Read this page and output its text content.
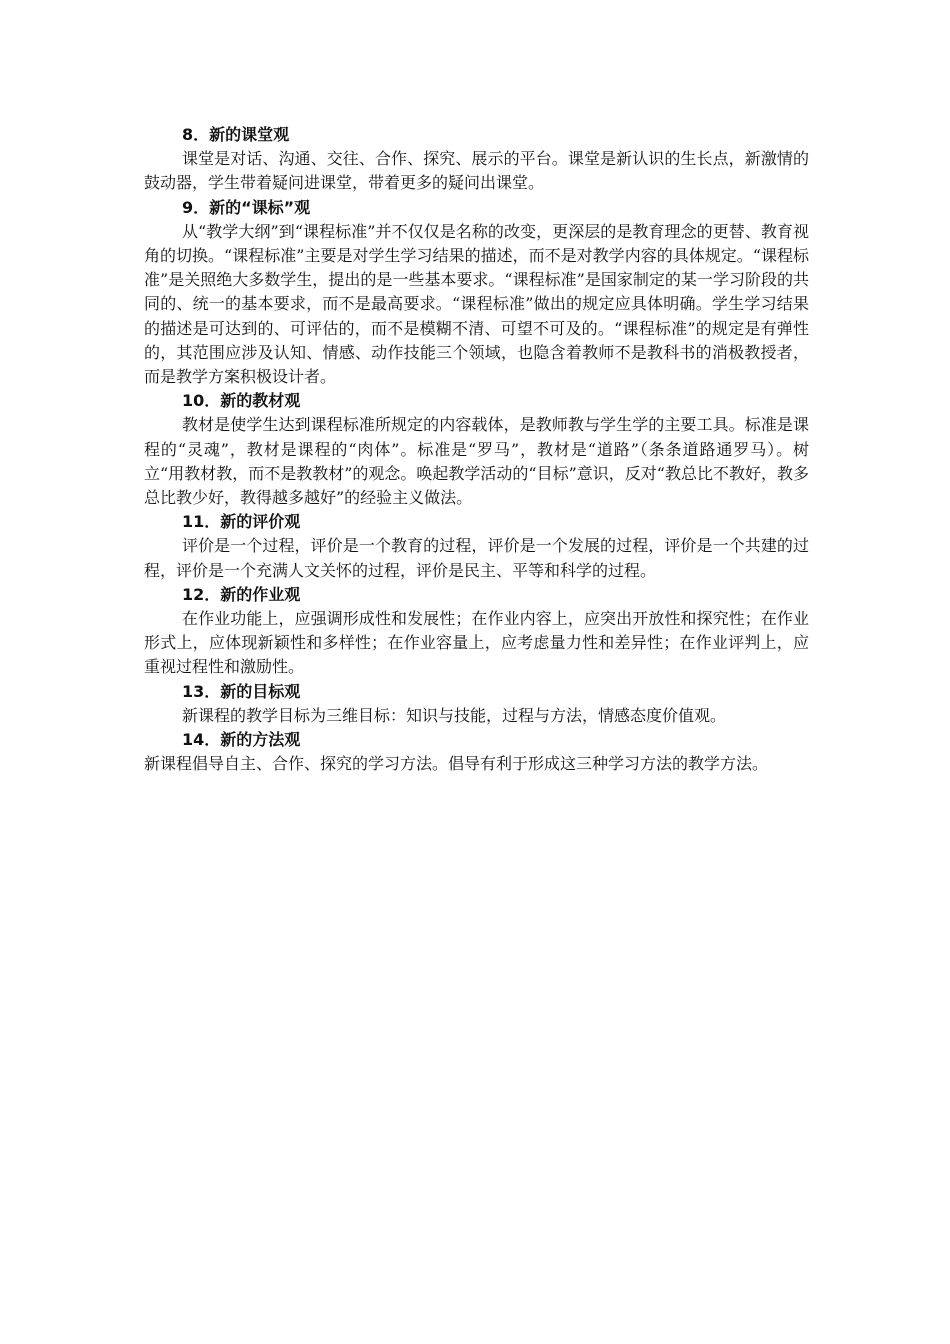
8．新的课堂观

课堂是对话、沟通、交往、合作、探究、展示的平台。课堂是新认识的生长点，新激情的鼓动器，学生带着疑问进课堂，带着更多的疑问出课堂。

9．新的“课标”观

从“教学大纲”到“课程标准”并不仅仅是名称的改变，更深层的是教育理念的更替、教育视角的切换。“课程标准”主要是对学生学习结果的描述，而不是对教学内容的具体规定。“课程标准”是关照绝大多数学生，提出的是一些基本要求。“课程标准”是国家制定的某一学习阶段的共同的、统一的基本要求，而不是最高要求。“课程标准”做出的规定应具体明确。学生学习结果的描述是可达到的、可评估的，而不是模糊不清、可望不可及的。“课程标准”的规定是有弹性的，其范围应涉及认知、情感、动作技能三个领域，也隐含着教师不是教科书的消极教授者，而是教学方案积极设计者。

10．新的教材观

教材是使学生达到课程标准所规定的内容载体，是教师教与学生学的主要工具。标准是课程的“灵魂”，教材是课程的“肉体”。标准是“罗马”，教材是“道路”（条条道路通罗马）。树立“用教材教，而不是教教材”的观念。唤起教学活动的“目标”意识，反对“教总比不教好，教多总比教少好，教得越多越好”的经验主义做法。

11．新的评价观

评价是一个过程，评价是一个教育的过程，评价是一个发展的过程，评价是一个共建的过程，评价是一个充满人文关怀的过程，评价是民主、平等和科学的过程。

12．新的作业观

在作业功能上，应强调形成性和发展性；在作业内容上，应突出开放性和探究性；在作业形式上，应体现新颖性和多样性；在作业容量上，应考虑量力性和差异性；在作业评判上，应重视过程性和激励性。

13．新的目标观

新课程的教学目标为三维目标：知识与技能，过程与方法，情感态度价值观。

14．新的方法观

新课程倡导自主、合作、探究的学习方法。倡导有利于形成这三种学习方法的教学方法。
